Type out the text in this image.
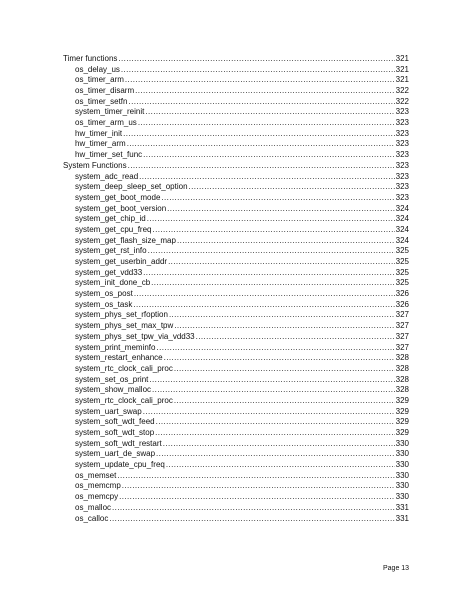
Timer functions .....	321
os_delay_us .....	321
os_timer_arm .....	321
os_timer_disarm .....	322
os_timer_setfn .....	322
system_timer_reinit .....	323
os_timer_arm_us .....	323
hw_timer_init .....	323
hw_timer_arm .....	323
hw_timer_set_func .....	323
System Functions .....	323
system_adc_read .....	323
system_deep_sleep_set_option .....	323
system_get_boot_mode .....	323
system_get_boot_version .....	324
system_get_chip_id .....	324
system_get_cpu_freq .....	324
system_get_flash_size_map .....	324
system_get_rst_info .....	325
system_get_userbin_addr .....	325
system_get_vdd33 .....	325
system_init_done_cb .....	325
system_os_post .....	326
system_os_task .....	326
system_phys_set_rfoption .....	327
system_phys_set_max_tpw .....	327
system_phys_set_tpw_via_vdd33 .....	327
system_print_meminfo .....	327
system_restart_enhance .....	328
system_rtc_clock_cali_proc .....	328
system_set_os_print .....	328
system_show_malloc .....	328
system_rtc_clock_cali_proc .....	329
system_uart_swap .....	329
system_soft_wdt_feed .....	329
system_soft_wdt_stop .....	329
system_soft_wdt_restart .....	330
system_uart_de_swap .....	330
system_update_cpu_freq .....	330
os_memset .....	330
os_memcmp .....	330
os_memcpy .....	330
os_malloc .....	331
os_calloc .....	331
Page 13
